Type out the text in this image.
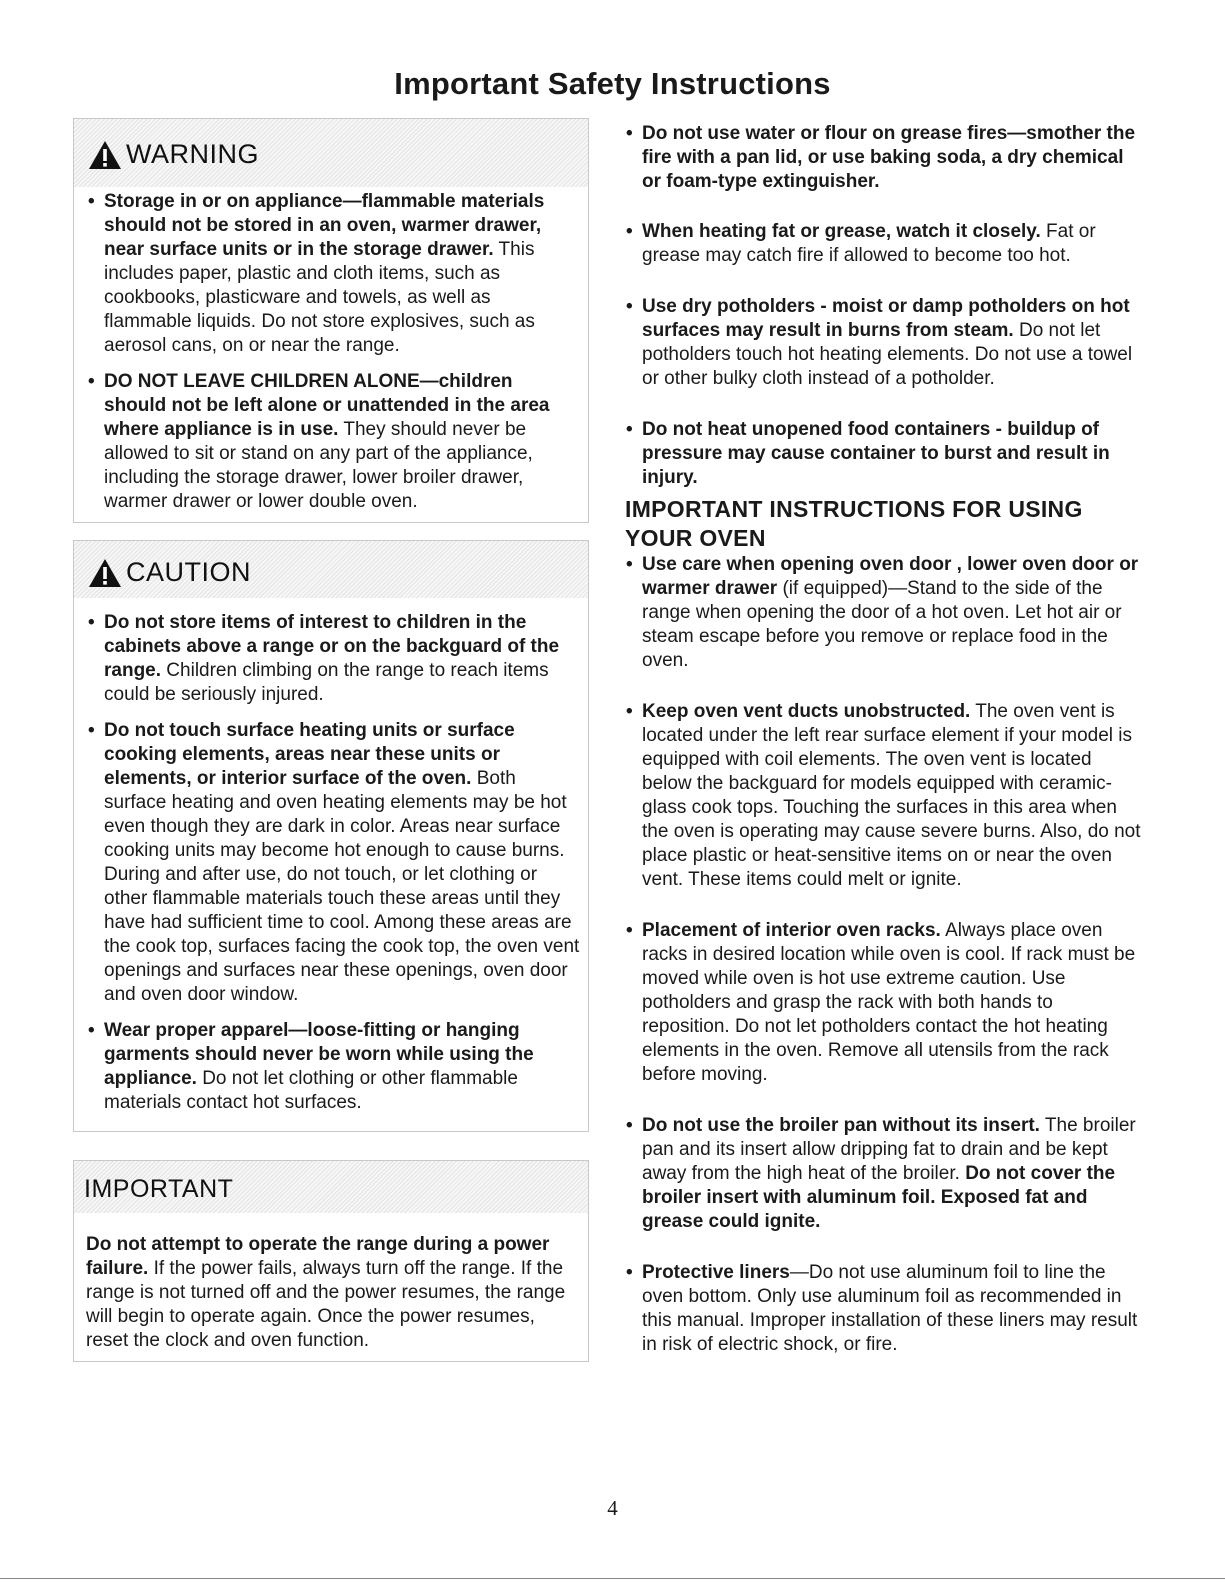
Important Safety Instructions
WARNING
• Storage in or on appliance—flammable materials should not be stored in an oven, warmer drawer, near surface units or in the storage drawer. This includes paper, plastic and cloth items, such as cookbooks, plasticware and towels, as well as flammable liquids. Do not store explosives, such as aerosol cans, on or near the range.
• DO NOT LEAVE CHILDREN ALONE—children should not be left alone or unattended in the area where appliance is in use. They should never be allowed to sit or stand on any part of the appliance, including the storage drawer, lower broiler drawer, warmer drawer or lower double oven.
CAUTION
• Do not store items of interest to children in the cabinets above a range or on the backguard of the range. Children climbing on the range to reach items could be seriously injured.
• Do not touch surface heating units or surface cooking elements, areas near these units or elements, or interior surface of the oven. Both surface heating and oven heating elements may be hot even though they are dark in color. Areas near surface cooking units may become hot enough to cause burns. During and after use, do not touch, or let clothing or other flammable materials touch these areas until they have had sufficient time to cool. Among these areas are the cook top, surfaces facing the cook top, the oven vent openings and surfaces near these openings, oven door and oven door window.
• Wear proper apparel—loose-fitting or hanging garments should never be worn while using the appliance. Do not let clothing or other flammable materials contact hot surfaces.
IMPORTANT
Do not attempt to operate the range during a power failure. If the power fails, always turn off the range. If the range is not turned off and the power resumes, the range will begin to operate again. Once the power resumes, reset the clock and oven function.
• Do not use water or flour on grease fires—smother the fire with a pan lid, or use baking soda, a dry chemical or foam-type extinguisher.
• When heating fat or grease, watch it closely. Fat or grease may catch fire if allowed to become too hot.
• Use dry potholders - moist or damp potholders on hot surfaces may result in burns from steam. Do not let potholders touch hot heating elements. Do not use a towel or other bulky cloth instead of a potholder.
• Do not heat unopened food containers - buildup of pressure may cause container to burst and result in injury.
IMPORTANT INSTRUCTIONS FOR USING YOUR OVEN
• Use care when opening oven door , lower oven door or warmer drawer (if equipped)—Stand to the side of the range when opening the door of a hot oven. Let hot air or steam escape before you remove or replace food in the oven.
• Keep oven vent ducts unobstructed. The oven vent is located under the left rear surface element if your model is equipped with coil elements. The oven vent is located below the backguard for models equipped with ceramic-glass cook tops. Touching the surfaces in this area when the oven is operating may cause severe burns. Also, do not place plastic or heat-sensitive items on or near the oven vent. These items could melt or ignite.
• Placement of interior oven racks. Always place oven racks in desired location while oven is cool. If rack must be moved while oven is hot use extreme caution. Use potholders and grasp the rack with both hands to reposition. Do not let potholders contact the hot heating elements in the oven. Remove all utensils from the rack before moving.
• Do not use the broiler pan without its insert. The broiler pan and its insert allow dripping fat to drain and be kept away from the high heat of the broiler. Do not cover the broiler insert with aluminum foil. Exposed fat and grease could ignite.
• Protective liners—Do not use aluminum foil to line the oven bottom. Only use aluminum foil as recommended in this manual. Improper installation of these liners may result in risk of electric shock, or fire.
4
